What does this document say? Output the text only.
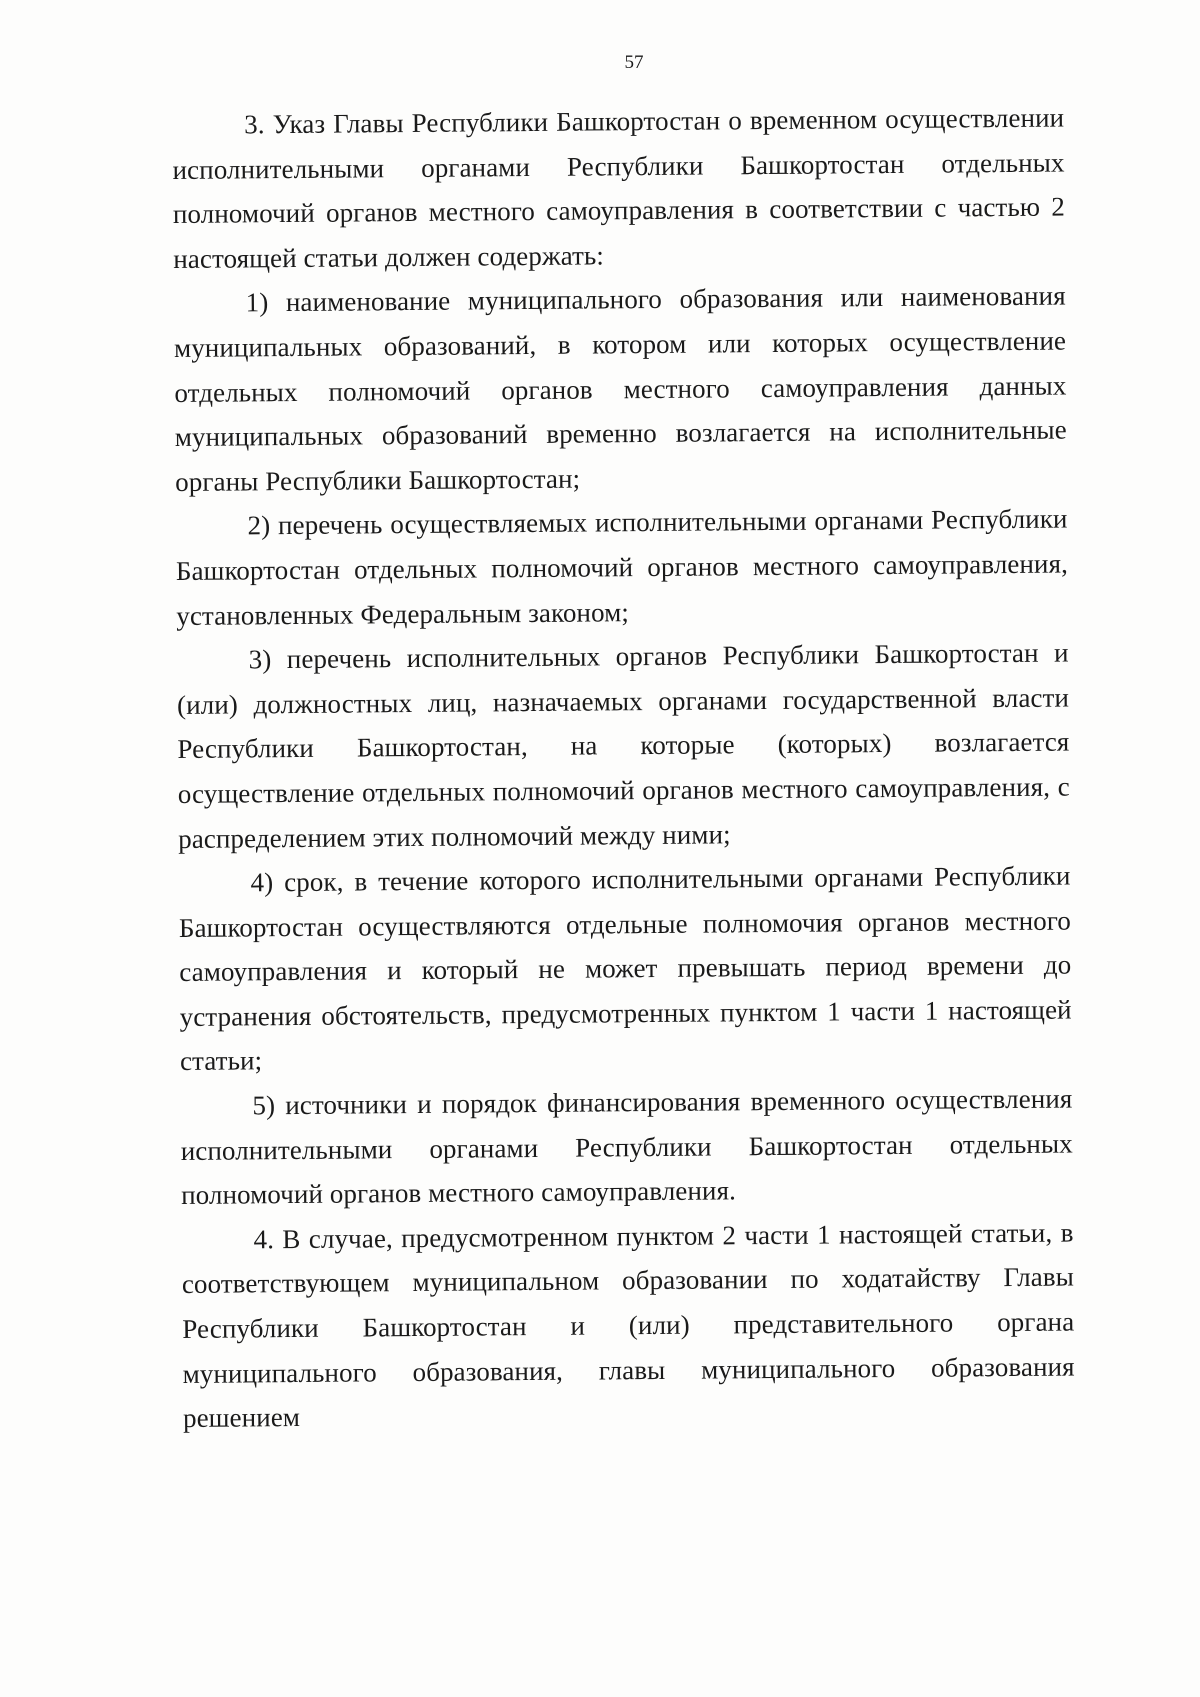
57

3. Указ Главы Республики Башкортостан о временном осуществлении исполнительными органами Республики Башкортостан отдельных полномочий органов местного самоуправления в соответствии с частью 2 настоящей статьи должен содержать:

1) наименование муниципального образования или наименования муниципальных образований, в котором или которых осуществление отдельных полномочий органов местного самоуправления данных муниципальных образований временно возлагается на исполнительные органы Республики Башкортостан;

2) перечень осуществляемых исполнительными органами Республики Башкортостан отдельных полномочий органов местного самоуправления, установленных Федеральным законом;

3) перечень исполнительных органов Республики Башкортостан и (или) должностных лиц, назначаемых органами государственной власти Республики Башкортостан, на которые (которых) возлагается осуществление отдельных полномочий органов местного самоуправления, с распределением этих полномочий между ними;

4) срок, в течение которого исполнительными органами Республики Башкортостан осуществляются отдельные полномочия органов местного самоуправления и который не может превышать период времени до устранения обстоятельств, предусмотренных пунктом 1 части 1 настоящей статьи;

5) источники и порядок финансирования временного осуществления исполнительными органами Республики Башкортостан отдельных полномочий органов местного самоуправления.

4. В случае, предусмотренном пунктом 2 части 1 настоящей статьи, в соответствующем муниципальном образовании по ходатайству Главы Республики Башкортостан и (или) представительного органа муниципального образования, главы муниципального образования решением
